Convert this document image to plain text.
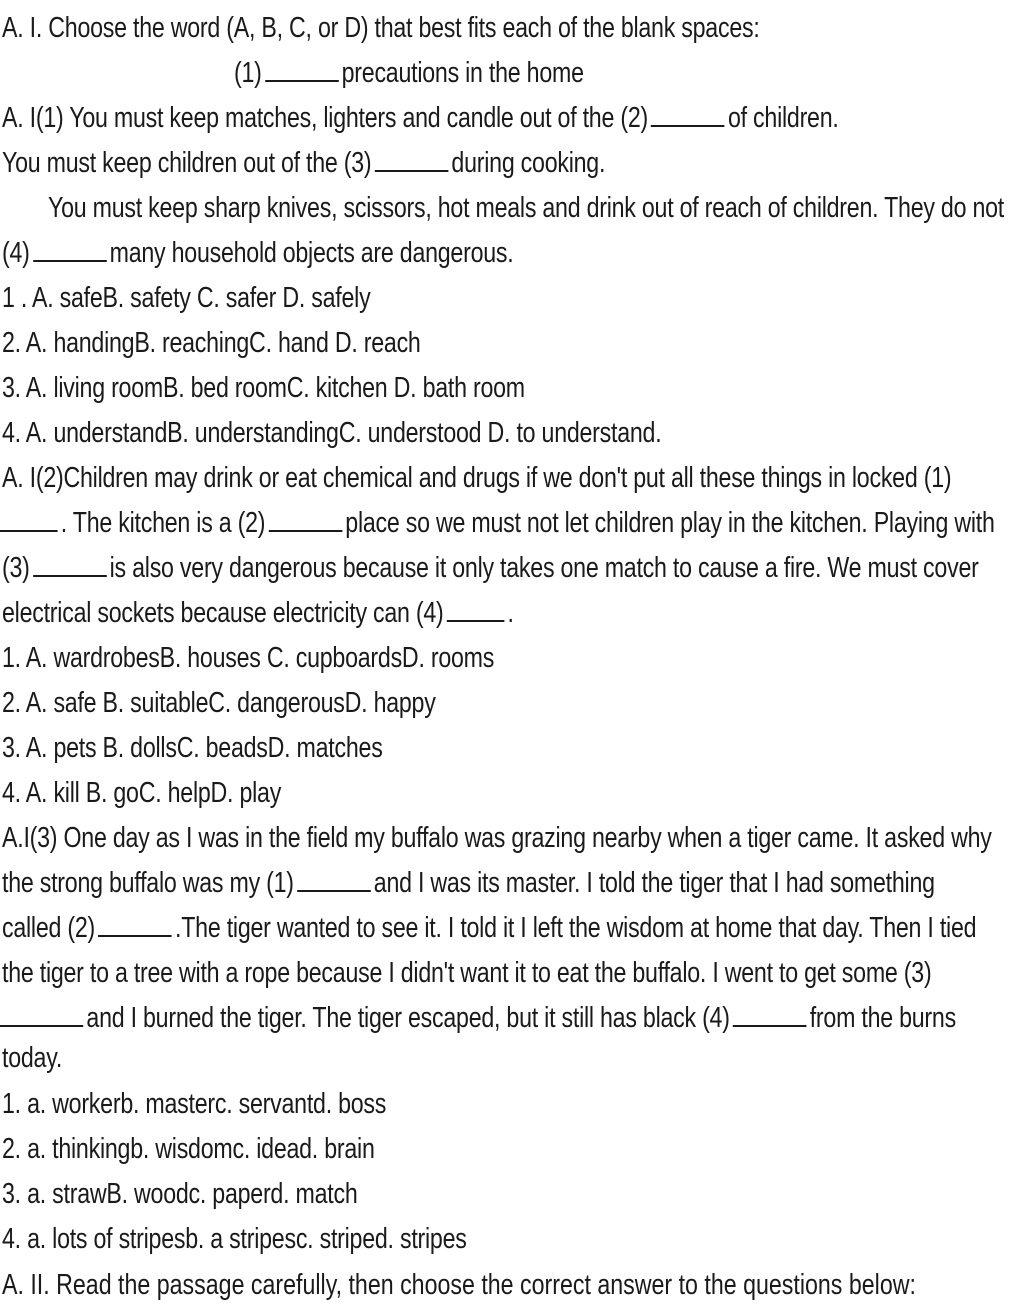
A. I. Choose the word (A, B, C, or D) that best fits each of the blank spaces:
(1)	precautions in the home
A. I(1) You must keep matches, lighters and candle out of the (2)	of children.
You must keep children out of the (3)	during cooking.
You must keep sharp knives, scissors, hot meals and drink out of reach of children. They do not
(4)	many household objects are dangerous.
1 . A. safeB. safety C. safer D. safely
2. A. handingB. reachingC. hand D. reach
3. A. living roomB. bed roomC. kitchen D. bath room
4. A. understandB. understandingC. understood D. to understand.
A. I(2)Children may drink or eat chemical and drugs if we don't put all these things in locked (1)
. The kitchen is a (2)	place so we must not let children play in the kitchen. Playing with
(3)	is also very dangerous because it only takes one match to cause a fire. We must cover
electrical sockets because electricity can (4) .
1. A. wardrobesB. houses C. cupboardsD. rooms
2. A. safe B. suitableC. dangerousD. happy
3. A. pets B. dollsC. beadsD. matches
4. A. kill B. goC. helpD. play
A.I(3) One day as I was in the field my buffalo was grazing nearby when a tiger came. It asked why
the strong buffalo was my (1)	and I was its master. I told the tiger that I had something
called (2)	.The tiger wanted to see it. I told it I left the wisdom at home that day. Then I tied
the tiger to a tree with a rope because I didn't want it to eat the buffalo. I went to get some (3)
and I burned the tiger. The tiger escaped, but it still has black (4)	from the burns
today.
1. a. workerb. masterc. servantd. boss
2. a. thinkingb. wisdomc. idead. brain
3. a. strawB. woodc. paperd. match
4. a. lots of stripesb. a stripesc. striped. stripes
A. II. Read the passage carefully, then choose the correct answer to the questions below:
